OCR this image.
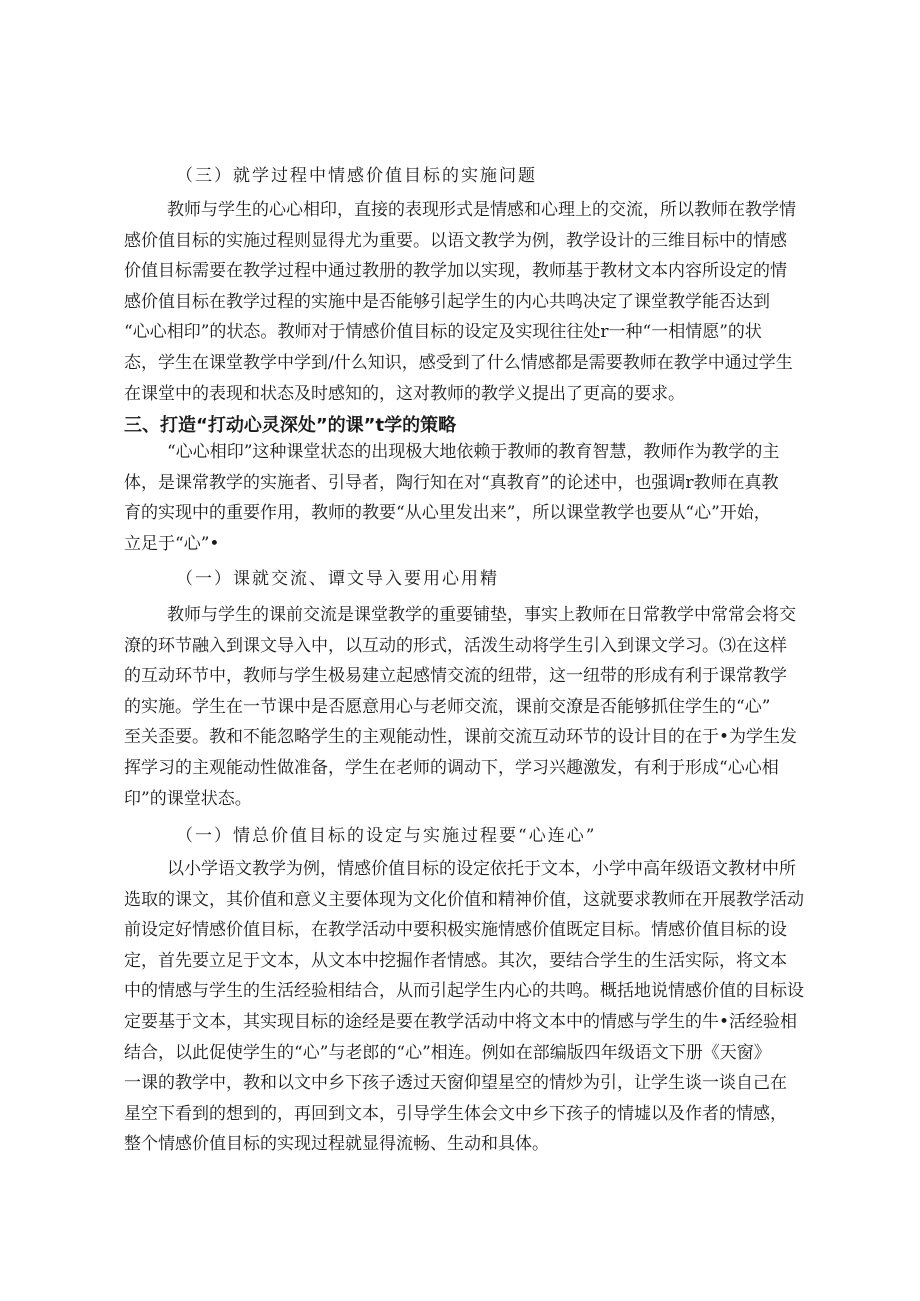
（三）就学过程中情感价值目标的实施问题
教师与学生的心心相印，直接的表现形式是情感和心理上的交流，所以教师在教学情
感价值目标的实施过程则显得尤为重要。以语文教学为例，教学设计的三维目标中的情感
价值目标需要在教学过程中通过教册的教学加以实现，教师基于教材文本内容所设定的情
感价值目标在教学过程的实施中是否能够引起学生的内心共鸣决定了课堂教学能否达到
“心心相印”的状态。教师对于情感价值目标的设定及实现往往处r一种“一相情愿”的状
态，学生在课堂教学中学到/什么知识，感受到了什么情感都是需要教师在教学中通过学生
在课堂中的表现和状态及时感知的，这对教师的教学义提出了更高的要求。
三、打造“打动心灵深处”的课”t学的策略
“心心相印”这种课堂状态的出现极大地依赖于教师的教育智慧，教师作为教学的主
体，是课常教学的实施者、引导者，陶行知在对“真教育”的论述中，也强调r教师在真教
育的实现中的重要作用，教师的教要“从心里发出来”，所以课堂教学也要从“心”开始，
立足于“心”•
（一）课就交流、谭文导入要用心用精
教师与学生的课前交流是课堂教学的重要铺垫，事实上教师在日常教学中常常会将交
潦的环节融入到课文导入中，以互动的形式，活泼生动将学生引入到课文学习。⑶在这样
的互动环节中，教师与学生极易建立起感情交流的纽带，这一纽带的形成有利于课常教学
的实施。学生在一节课中是否愿意用心与老师交流，课前交潦是否能够抓住学生的“心”
至关歪要。教和不能忽略学生的主观能动性，课前交流互动环节的设计目的在于•为学生发
挥学习的主观能动性做准备，学生在老师的调动下，学习兴趣激发，有利于形成“心心相
印”的课堂状态。
（一）情总价值目标的设定与实施过程要“心连心”
以小学语文教学为例，情感价值目标的设定依托于文本，小学中高年级语文教材中所
选取的课文，其价值和意义主要体现为文化价值和精神价值，这就要求教师在开展教学活动
前设定好情感价值目标，在教学活动中要积极实施情感价值既定目标。情感价值目标的设
定，首先要立足于文本，从文本中挖掘作者情感。其次，要结合学生的生活实际，将文本
中的情感与学生的生活经验相结合，从而引起学生内心的共鸣。概括地说情感价值的目标设
定要基于文本，其实现目标的途经是要在教学活动中将文本中的情感与学生的牛•活经验相
结合，以此促使学生的“心”与老郎的“心”相连。例如在部编版四年级语文下册《天窗》
一课的教学中，教和以文中乡下孩子透过天窗仰望星空的情炒为引，让学生谈一谈自己在
星空下看到的想到的，再回到文本，引导学生体会文中乡下孩子的情墟以及作者的情感，
整个情感价值目标的实现过程就显得流畅、生动和具体。
